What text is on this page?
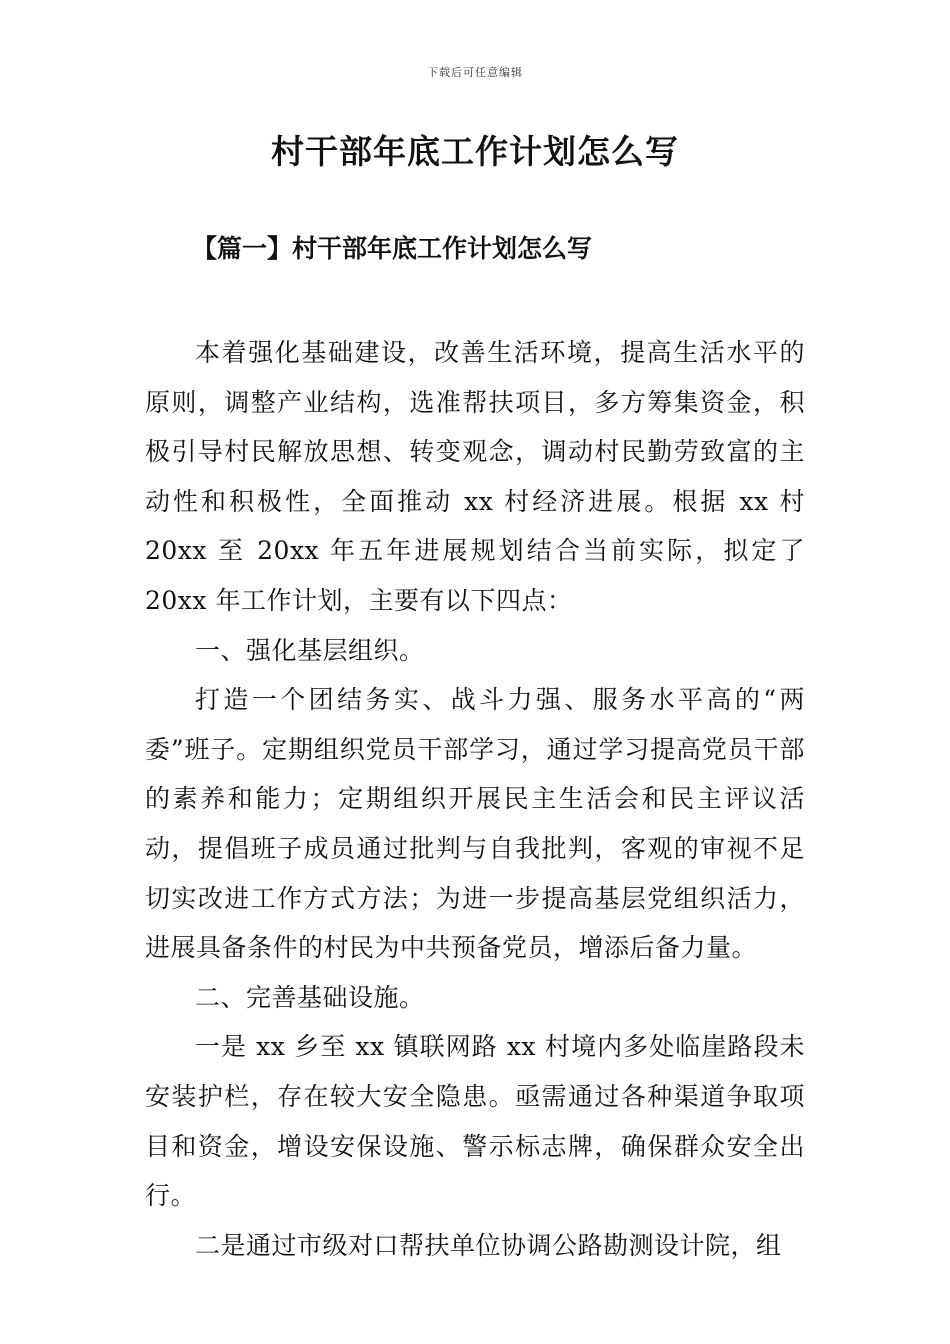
下载后可任意编辑
村干部年底工作计划怎么写
【篇一】村干部年底工作计划怎么写

本着强化基础建设，改善生活环境，提高生活水平的原则，调整产业结构，选准帮扶项目，多方筹集资金，积极引导村民解放思想、转变观念，调动村民勤劳致富的主动性和积极性，全面推动 xx 村经济进展。根据 xx 村 20xx 至 20xx 年五年进展规划结合当前实际，拟定了 20xx 年工作计划，主要有以下四点：

一、强化基层组织。

打造一个团结务实、战斗力强、服务水平高的“两委”班子。定期组织党员干部学习，通过学习提高党员干部的素养和能力；定期组织开展民主生活会和民主评议活动，提倡班子成员通过批判与自我批判，客观的审视不足切实改进工作方式方法；为进一步提高基层党组织活力，进展具备条件的村民为中共预备党员，增添后备力量。

二、完善基础设施。

一是 xx 乡至 xx 镇联网路 xx 村境内多处临崖路段未安装护栏，存在较大安全隐患。亟需通过各种渠道争取项目和资金，增设安保设施、警示标志牌，确保群众安全出行。

二是通过市级对口帮扶单位协调公路勘测设计院，组
